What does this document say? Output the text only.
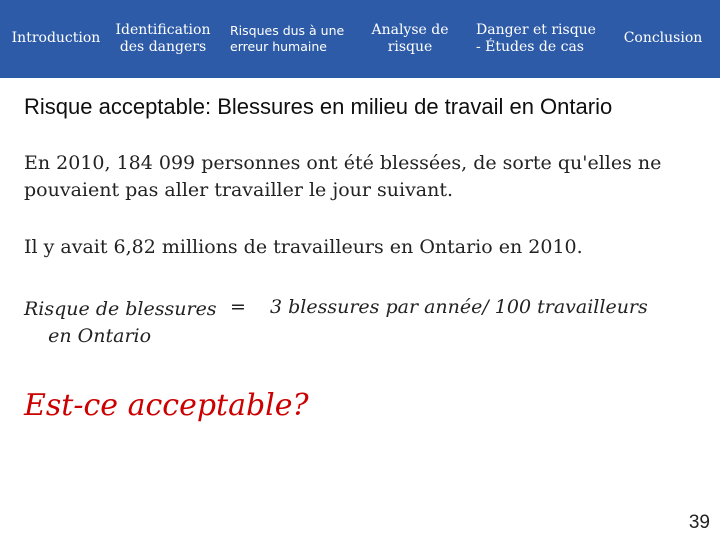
Introduction
Identification
des dangers
Risques dus à une
erreur humaine
Analyse de
risque
Danger et risque
- Études de cas
Conclusion
Risque acceptable: Blessures en milieu de travail en Ontario
En 2010, 184 099 personnes ont été blessées, de sorte qu'elles ne pouvaient pas aller travailler le jour suivant.
Il y avait 6,82 millions de travailleurs en Ontario en 2010.
Risque de blessures
en Ontario
= 3 blessures par année/ 100 travailleurs
Est-ce acceptable?
39
